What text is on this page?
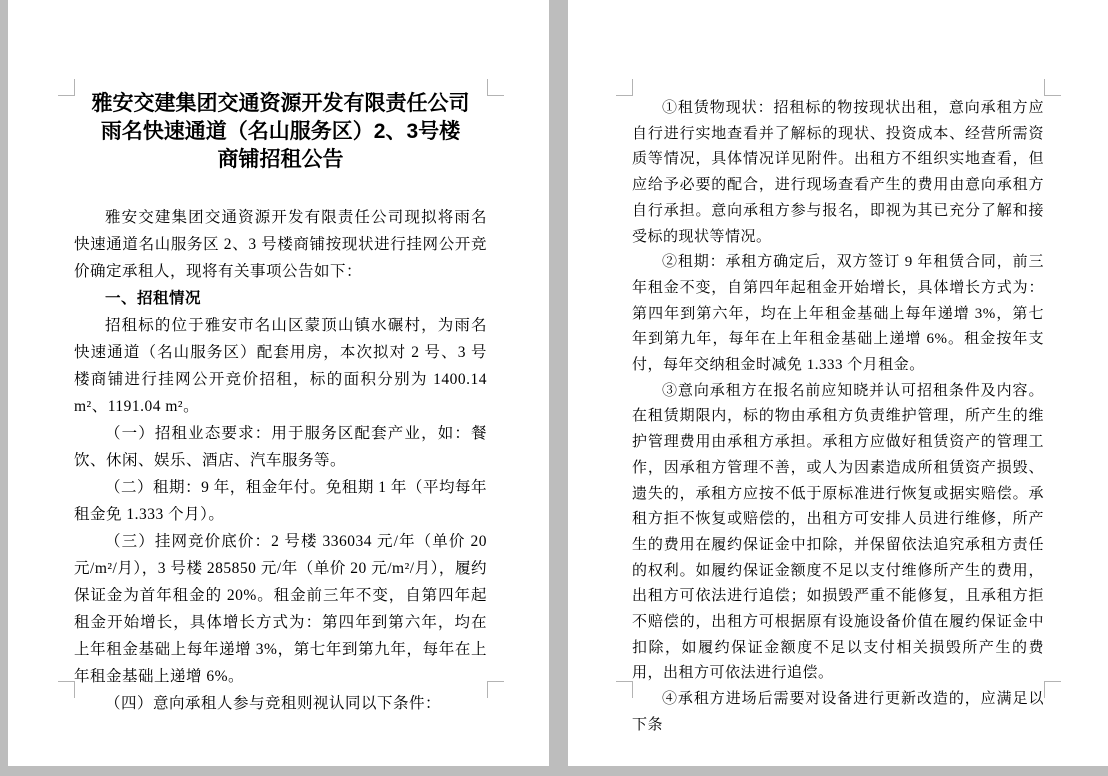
雅安交建集团交通资源开发有限责任公司
雨名快速通道（名山服务区）2、3号楼
商铺招租公告

雅安交建集团交通资源开发有限责任公司现拟将雨名快速通道名山服务区 2、3 号楼商铺按现状进行挂网公开竞价确定承租人，现将有关事项公告如下：

一、招租情况

招租标的位于雅安市名山区蒙顶山镇水碾村，为雨名快速通道（名山服务区）配套用房，本次拟对 2 号、3 号楼商铺进行挂网公开竞价招租，标的面积分别为 1400.14 m²、1191.04 m²。

（一）招租业态要求：用于服务区配套产业，如：餐饮、休闲、娱乐、酒店、汽车服务等。

（二）租期：9 年，租金年付。免租期 1 年（平均每年租金免 1.333 个月）。

（三）挂网竞价底价：2 号楼 336034 元/年（单价 20 元/m²/月），3 号楼 285850 元/年（单价 20 元/m²/月），履约保证金为首年租金的 20%。租金前三年不变，自第四年起租金开始增长，具体增长方式为：第四年到第六年，均在上年租金基础上每年递增 3%，第七年到第九年，每年在上年租金基础上递增 6%。

（四）意向承租人参与竞租则视认同以下条件：

①租赁物现状：招租标的物按现状出租，意向承租方应自行进行实地查看并了解标的现状、投资成本、经营所需资质等情况，具体情况详见附件。出租方不组织实地查看，但应给予必要的配合，进行现场查看产生的费用由意向承租方自行承担。意向承租方参与报名，即视为其已充分了解和接受标的现状等情况。

②租期：承租方确定后，双方签订 9 年租赁合同，前三年租金不变，自第四年起租金开始增长，具体增长方式为：第四年到第六年，均在上年租金基础上每年递增 3%，第七年到第九年，每年在上年租金基础上递增 6%。租金按年支付，每年交纳租金时减免 1.333 个月租金。

③意向承租方在报名前应知晓并认可招租条件及内容。在租赁期限内，标的物由承租方负责维护管理，所产生的维护管理费用由承租方承担。承租方应做好租赁资产的管理工作，因承租方管理不善，或人为因素造成所租赁资产损毁、遗失的，承租方应按不低于原标准进行恢复或据实赔偿。承租方拒不恢复或赔偿的，出租方可安排人员进行维修，所产生的费用在履约保证金中扣除，并保留依法追究承租方责任的权利。如履约保证金额度不足以支付维修所产生的费用，出租方可依法进行追偿；如损毁严重不能修复，且承租方拒不赔偿的，出租方可根据原有设施设备价值在履约保证金中扣除，如履约保证金额度不足以支付相关损毁所产生的费用，出租方可依法进行追偿。

④承租方进场后需要对设备进行更新改造的，应满足以下条
